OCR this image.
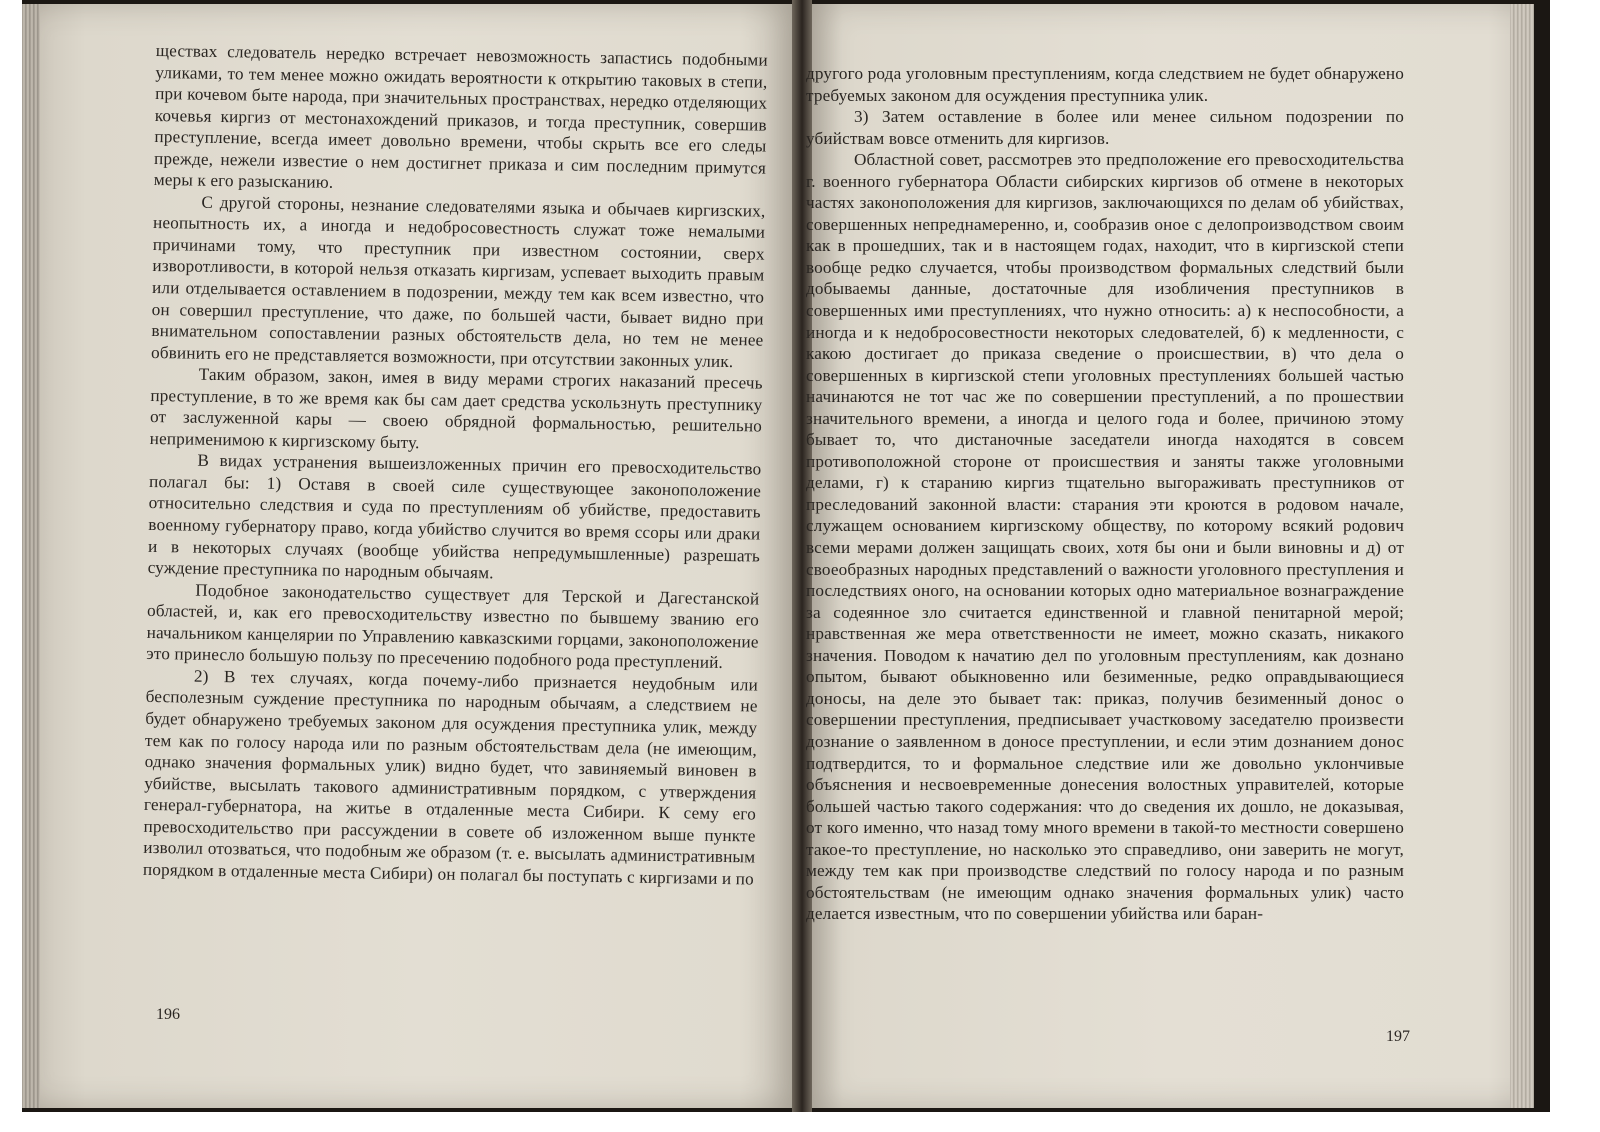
ществах следователь нередко встречает невозможность запастись подобными уликами, то тем менее можно ожидать вероятности к открытию таковых в степи, при кочевом быте народа, при значительных пространствах, нередко отделяющих кочевья киргиз от местонахождений приказов, и тогда преступник, совершив преступление, всегда имеет довольно времени, чтобы скрыть все его следы прежде, нежели известие о нем достигнет приказа и сим последним примутся меры к его разысканию.

С другой стороны, незнание следователями языка и обычаев киргизских, неопытность их, а иногда и недобросовестность служат тоже немалыми причинами тому, что преступник при известном состоянии, сверх изворотливости, в которой нельзя отказать киргизам, успевает выходить правым или отделывается оставлением в подозрении, между тем как всем известно, что он совершил преступление, что даже, по большей части, бывает видно при внимательном сопоставлении разных обстоятельств дела, но тем не менее обвинить его не представляется возможности, при отсутствии законных улик.

Таким образом, закон, имея в виду мерами строгих наказаний пресечь преступление, в то же время как бы сам дает средства ускользнуть преступнику от заслуженной кары — своею обрядной формальностью, решительно неприменимою к киргизскому быту.

В видах устранения вышеизложенных причин его превосходительство полагал бы: 1) Оставя в своей силе существующее законоположение относительно следствия и суда по преступлениям об убийстве, предоставить военному губернатору право, когда убийство случится во время ссоры или драки и в некоторых случаях (вообще убийства непредумышленные) разрешать суждение преступника по народным обычаям.

Подобное законодательство существует для Терской и Дагестанской областей, и, как его превосходительству известно по бывшему званию его начальником канцелярии по Управлению кавказскими горцами, законоположение это принесло большую пользу по пресечению подобного рода преступлений.

2) В тех случаях, когда почему-либо признается неудобным или бесполезным суждение преступника по народным обычаям, а следствием не будет обнаружено требуемых законом для осуждения преступника улик, между тем как по голосу народа или по разным обстоятельствам дела (не имеющим, однако значения формальных улик) видно будет, что завиняемый виновен в убийстве, высылать такового административным порядком, с утверждения генерал-губернатора, на житье в отдаленные места Сибири. К сему его превосходительство при рассуждении в совете об изложенном выше пункте изволил отозваться, что подобным же образом (т. е. высылать административным порядком в отдаленные места Сибири) он полагал бы поступать с киргизами и по

196

другого рода уголовным преступлениям, когда следствием не будет обнаружено требуемых законом для осуждения преступника улик.

3) Затем оставление в более или менее сильном подозрении по убийствам вовсе отменить для киргизов.

Областной совет, рассмотрев это предположение его превосходительства г. военного губернатора Области сибирских киргизов об отмене в некоторых частях законоположения для киргизов, заключающихся по делам об убийствах, совершенных непреднамеренно, и, сообразив оное с делопроизводством своим как в прошедших, так и в настоящем годах, находит, что в киргизской степи вообще редко случается, чтобы производством формальных следствий были добываемы данные, достаточные для изобличения преступников в совершенных ими преступлениях, что нужно относить: а) к неспособности, а иногда и к недобросовестности некоторых следователей, б) к медленности, с какою достигает до приказа сведение о происшествии, в) что дела о совершенных в киргизской степи уголовных преступлениях большей частью начинаются не тот час же по совершении преступлений, а по прошествии значительного времени, а иногда и целого года и более, причиною этому бывает то, что дистаночные заседатели иногда находятся в совсем противоположной стороне от происшествия и заняты также уголовными делами, г) к старанию киргиз тщательно выгораживать преступников от преследований законной власти: старания эти кроются в родовом начале, служащем основанием киргизскому обществу, по которому всякий родович всеми мерами должен защищать своих, хотя бы они и были виновны и д) от своеобразных народных представлений о важности уголовного преступления и последствиях оного, на основании которых одно материальное вознаграждение за содеянное зло считается единственной и главной пенитарной мерой; нравственная же мера ответственности не имеет, можно сказать, никакого значения. Поводом к начатию дел по уголовным преступлениям, как дознано опытом, бывают обыкновенно или безименные, редко оправдывающиеся доносы, на деле это бывает так: приказ, получив безименный донос о совершении преступления, предписывает участковому заседателю произвести дознание о заявленном в доносе преступлении, и если этим дознанием донос подтвердится, то и формальное следствие или же довольно уклончивые объяснения и несвоевременные донесения волостных управителей, которые большей частью такого содержания: что до сведения их дошло, не доказывая, от кого именно, что назад тому много времени в такой-то местности совершено такое-то преступление, но насколько это справедливо, они заверить не могут, между тем как при производстве следствий по голосу народа и по разным обстоятельствам (не имеющим однако значения формальных улик) часто делается известным, что по совершении убийства или баран-

197
